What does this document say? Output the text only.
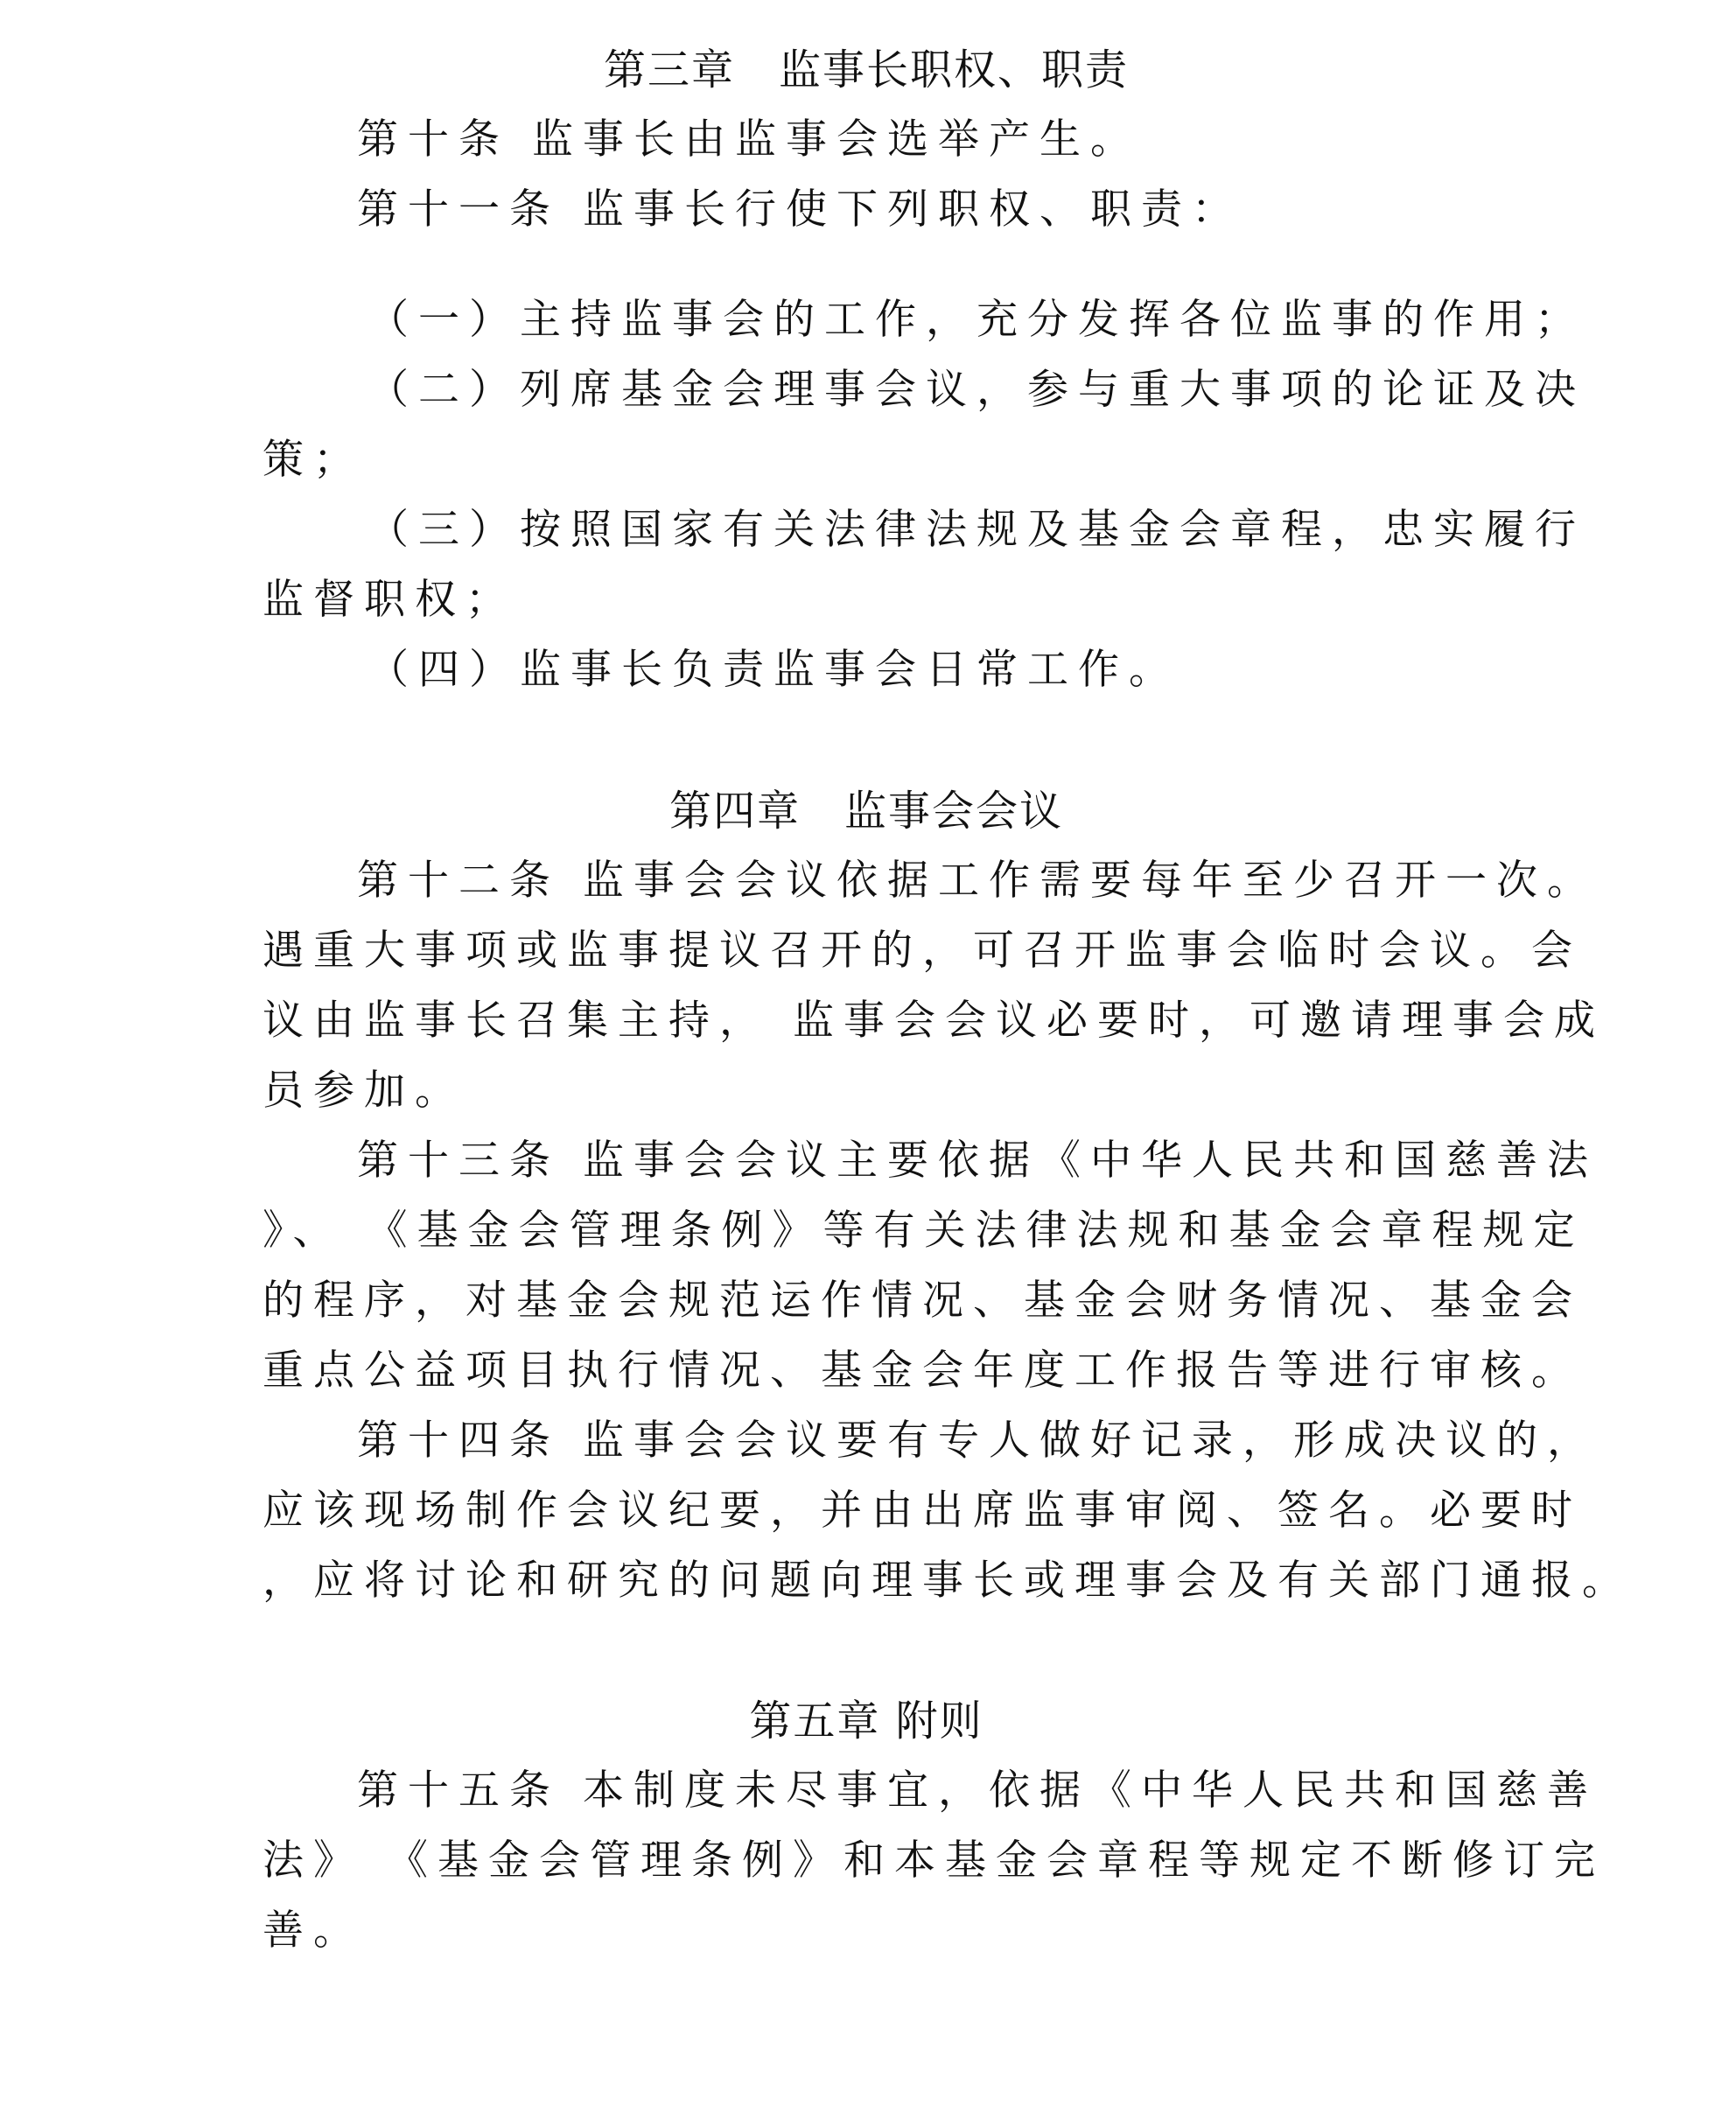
第三章　监事长职权、职责

第十条 监事长由监事会选举产生。

第十一条 监事长行使下列职权、职责：

（一）主持监事会的工作，充分发挥各位监事的作用；

（二）列席基金会理事会议，参与重大事项的论证及决

策；

（三）按照国家有关法律法规及基金会章程，忠实履行

监督职权；

（四）监事长负责监事会日常工作。

第四章　监事会会议

第十二条 监事会会议依据工作需要每年至少召开一次。

遇重大事项或监事提议召开的，可召开监事会临时会议。会

议由监事长召集主持， 监事会会议必要时，可邀请理事会成

员参加。

第十三条 监事会会议主要依据《中华人民共和国慈善法

》、 《基金会管理条例》等有关法律法规和基金会章程规定

的程序，对基金会规范运作情况、基金会财务情况、基金会

重点公益项目执行情况、基金会年度工作报告等进行审核。

第十四条 监事会会议要有专人做好记录，形成决议的，

应该现场制作会议纪要，并由出席监事审阅、签名。必要时

，应将讨论和研究的问题向理事长或理事会及有关部门通报。

第五章 附则

第十五条 本制度未尽事宜，依据《中华人民共和国慈善

法》 《基金会管理条例》和本基金会章程等规定不断修订完

善。
